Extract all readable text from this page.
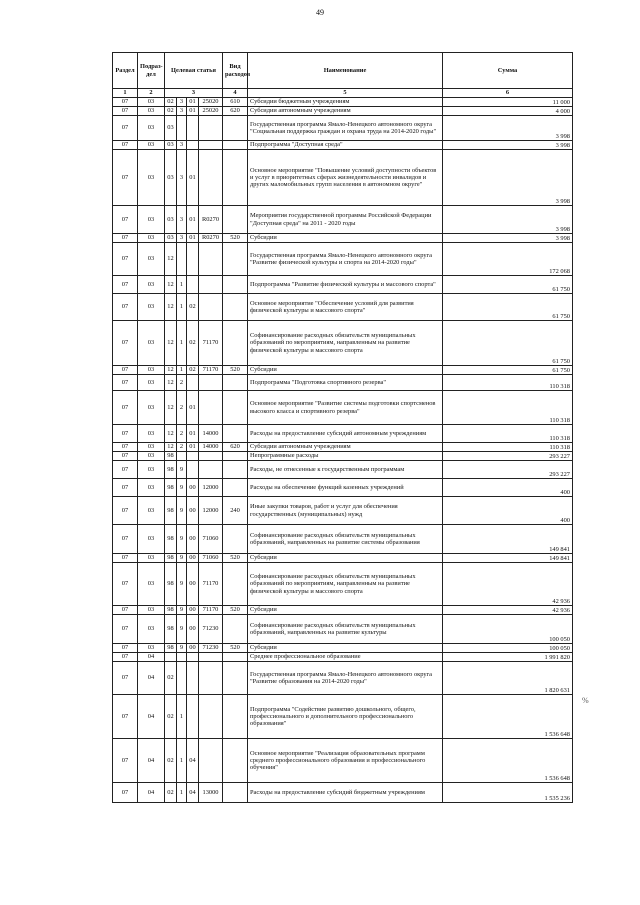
49
Раздел	Подраз-дел	Целевая статья				Вид расходов	Наименование	Сумма
1	2	3				4	5	6
07	03	02	3	01	25020	610	Субсидии бюджетным учреждениям	11 000
07	03	02	3	01	25020	620	Субсидии автономным учреждениям	4 000
07	03	03					Государственная программа Ямало-Ненецкого автономного округа "Социальная поддержка граждан и охрана труда на 2014-2020 годы"	3 998
07	03	03	3				Подпрограмма "Доступная среда"	3 998
07	03	03	3	01			Основное мероприятие "Повышение условий доступности объектов и услуг в приоритетных сферах жизнедеятельности инвалидов и других маломобильных групп населения в автономном округе"	3 998
07	03	03	3	01	R0270		Мероприятия государственной программы Российской Федерации "Доступная среда" на 2011 - 2020 годы	3 998
07	03	03	3	01	R0270	520	Субсидии	3 998
07	03	12					Государственная программа Ямало-Ненецкого автономного округа "Развитие физической культуры и спорта на 2014-2020 годы"	172 068
07	03	12	1				Подпрограмма "Развитие физической культуры и массового спорта"	61 750
07	03	12	1	02			Основное мероприятие "Обеспечение условий для развития физической культуры и массового спорта"	61 750
07	03	12	1	02	71170		Софинансирование расходных обязательств муниципальных образований по мероприятиям, направленным на развитие физической культуры и массового спорта	61 750
07	03	12	1	02	71170	520	Субсидии	61 750
07	03	12	2				Подпрограмма "Подготовка спортивного резерва"	110 318
07	03	12	2	01			Основное мероприятие "Развитие системы подготовки спортсменов высокого класса и спортивного резерва"	110 318
07	03	12	2	01	14000		Расходы на предоставление субсидий автономным учреждениям	110 318
07	03	12	2	01	14000	620	Субсидии автономным учреждениям	110 318
07	03	98					Непрограммные расходы	293 227
07	03	98	9				Расходы, не отнесенные к государственным программам	293 227
07	03	98	9	00	12000		Расходы на обеспечение функций казенных учреждений	400
07	03	98	9	00	12000	240	Иные закупки товаров, работ и услуг для обеспечения государственных (муниципальных) нужд	400
07	03	98	9	00	71060		Софинансирование расходных обязательств муниципальных образований, направленных на развитие системы образования	149 841
07	03	98	9	00	71060	520	Субсидии	149 841
07	03	98	9	00	71170		Софинансирование расходных обязательств муниципальных образований по мероприятиям, направленным на развитие физической культуры и массового спорта	42 936
07	03	98	9	00	71170	520	Субсидии	42 936
07	03	98	9	00	71230		Софинансирование расходных обязательств муниципальных образований, направленных на развитие культуры	100 050
07	03	98	9	00	71230	520	Субсидии	100 050
07	04						Среднее профессиональное образование	1 991 820
07	04	02					Государственная программа Ямало-Ненецкого автономного округа "Развитие образования на 2014-2020 годы"	1 820 631
07	04	02	1				Подпрограмма "Содействие развитию дошкольного, общего, профессионального и дополнительного профессионального образования"	1 536 648
07	04	02	1	04			Основное мероприятие "Реализация образовательных программ среднего профессионального образования и профессионального обучения"	1 536 648
07	04	02	1	04	13000		Расходы на предоставление субсидий бюджетным учреждениям	1 535 236
%
